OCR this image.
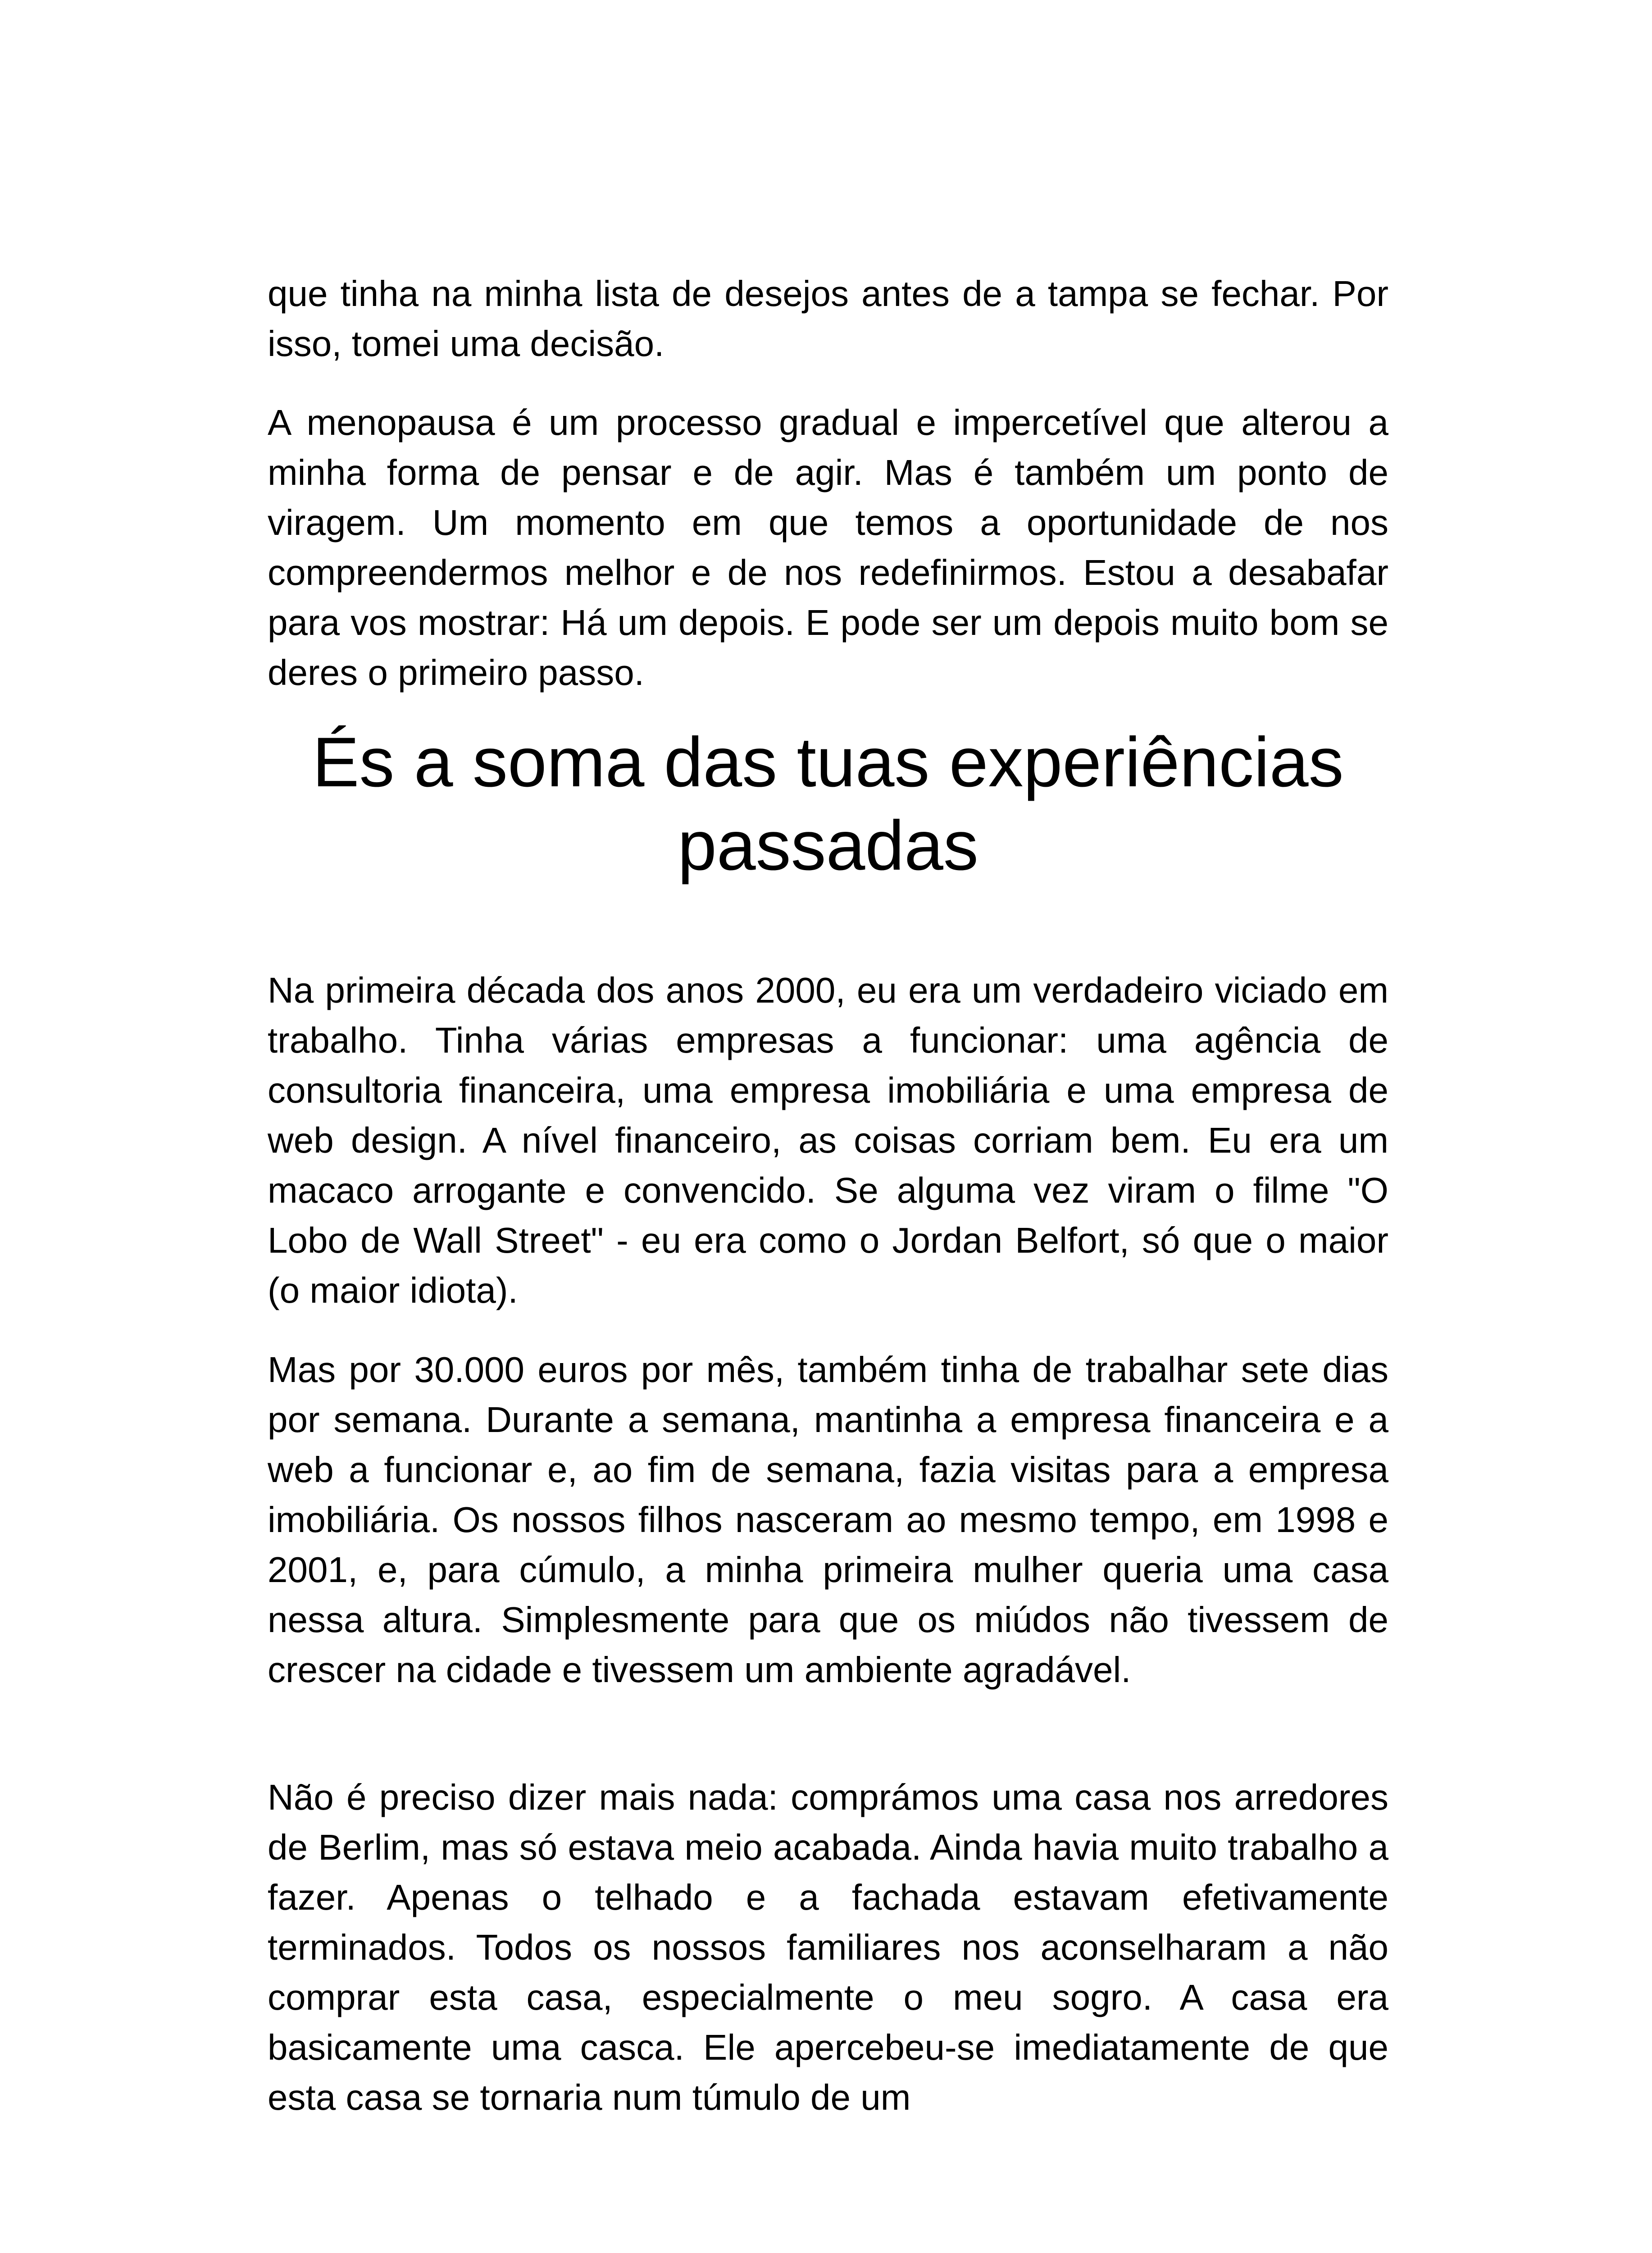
que tinha na minha lista de desejos antes de a tampa se fechar. Por isso, tomei uma decisão.

A menopausa é um processo gradual e impercetível que alterou a minha forma de pensar e de agir. Mas é também um ponto de viragem. Um momento em que temos a oportunidade de nos compreendermos melhor e de nos redefinirmos. Estou a desabafar para vos mostrar: Há um depois. E pode ser um depois muito bom se deres o primeiro passo.

És a soma das tuas experiências passadas

Na primeira década dos anos 2000, eu era um verdadeiro viciado em trabalho. Tinha várias empresas a funcionar: uma agência de consultoria financeira, uma empresa imobiliária e uma empresa de web design. A nível financeiro, as coisas corriam bem. Eu era um macaco arrogante e convencido. Se alguma vez viram o filme "O Lobo de Wall Street" - eu era como o Jordan Belfort, só que o maior (o maior idiota).

Mas por 30.000 euros por mês, também tinha de trabalhar sete dias por semana. Durante a semana, mantinha a empresa financeira e a web a funcionar e, ao fim de semana, fazia visitas para a empresa imobiliária. Os nossos filhos nasceram ao mesmo tempo, em 1998 e 2001, e, para cúmulo, a minha primeira mulher queria uma casa nessa altura. Simplesmente para que os miúdos não tivessem de crescer na cidade e tivessem um ambiente agradável.

Não é preciso dizer mais nada: comprámos uma casa nos arredores de Berlim, mas só estava meio acabada. Ainda havia muito trabalho a fazer. Apenas o telhado e a fachada estavam efetivamente terminados. Todos os nossos familiares nos aconselharam a não comprar esta casa, especialmente o meu sogro. A casa era basicamente uma casca. Ele apercebeu-se imediatamente de que esta casa se tornaria num túmulo de um
